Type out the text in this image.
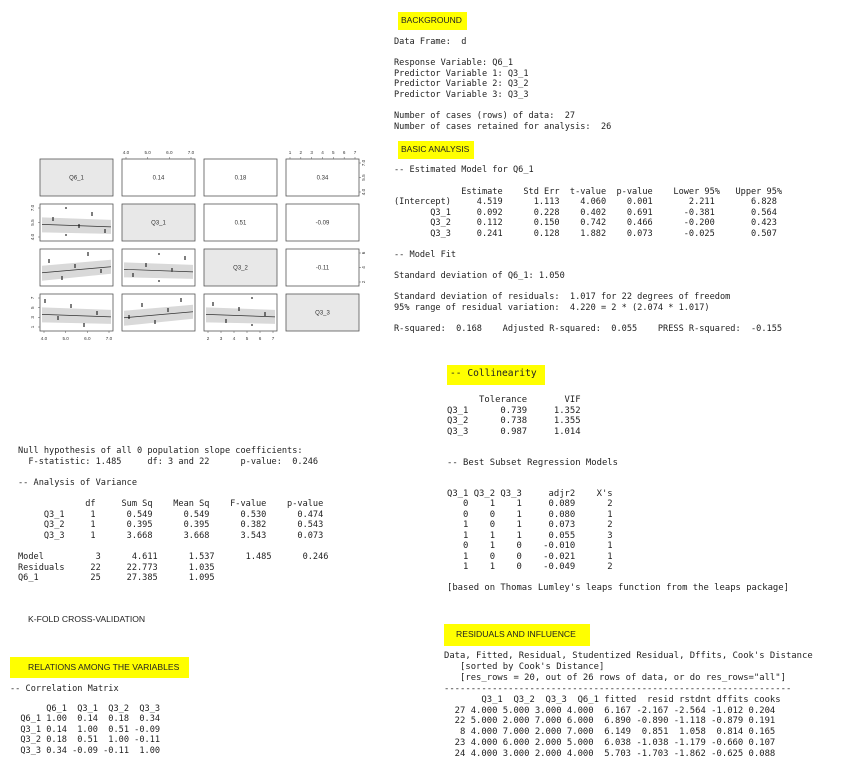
BACKGROUND
Data Frame:  d

Response Variable: Q6_1
Predictor Variable 1: Q3_1
Predictor Variable 2: Q3_2
Predictor Variable 3: Q3_3

Number of cases (rows) of data:  27
Number of cases retained for analysis:  26
BASIC ANALYSIS
-- Estimated Model for Q6_1

Estimate    Std Err  t-value  p-value    Lower 95%   Upper 95%
(Intercept)     4.519      1.113    4.060    0.001       2.211       6.828
Q3_1     0.092      0.228    0.402    0.691      -0.381       0.564
Q3_2     0.112      0.150    0.742    0.466      -0.200       0.423
Q3_3     0.241      0.128    1.882    0.073      -0.025       0.507

-- Model Fit

Standard deviation of Q6_1: 1.050

Standard deviation of residuals:  1.017 for 22 degrees of freedom
95% range of residual variation:  4.220 = 2 * (2.074 * 1.017)

R-squared:  0.168    Adjusted R-squared:  0.055    PRESS R-squared:  -0.155
Q6_1	0.14	0.18	0.34
Q3_1	0.51	-0.09
Q3_2	-0.11
Q3_3
4.0	5.0	6.0	7.0	1 2 3 4 5 6 7
4.0	5.0	6.0	7.0	2 3 4 5 6 7
4.0
5.5
7.0
2
4
6
4.0
5.5
7.0
1
3
5
7
Null hypothesis of all 0 population slope coefficients:
F-statistic: 1.485     df: 3 and 22      p-value:  0.246

-- Analysis of Variance

df     Sum Sq    Mean Sq    F-value    p-value
Q3_1     1      0.549      0.549      0.530      0.474
Q3_2     1      0.395      0.395      0.382      0.543
Q3_3     1      3.668      3.668      3.543      0.073

Model          3      4.611      1.537      1.485      0.246
Residuals     22     22.773      1.035
Q6_1          25     27.385      1.095
K-FOLD CROSS-VALIDATION
RELATIONS AMONG THE VARIABLES
-- Correlation Matrix
Q6_1  Q3_1  Q3_2  Q3_3
Q6_1 1.00  0.14  0.18  0.34
Q3_1 0.14  1.00  0.51 -0.09
Q3_2 0.18  0.51  1.00 -0.11
Q3_3 0.34 -0.09 -0.11  1.00
-- Collinearity

Tolerance       VIF
Q3_1      0.739     1.352
Q3_2      0.738     1.355
Q3_3      0.987     1.014

-- Best Subset Regression Models

Q3_1 Q3_2 Q3_3     adjr2    X's
0    1    1     0.089      2
0    0    1     0.080      1
1    0    1     0.073      2
1    1    1     0.055      3
0    1    0    -0.010      1
1    0    0    -0.021      1
1    1    0    -0.049      2

[based on Thomas Lumley's leaps function from the leaps package]
RESIDUALS AND INFLUENCE
Data, Fitted, Residual, Studentized Residual, Dffits, Cook's Distance
[sorted by Cook's Distance]
[res_rows = 20, out of 26 rows of data, or do res_rows="all"]
-----------------------------------------------------------------
Q3_1  Q3_2  Q3_3  Q6_1 fitted  resid rstdnt dffits cooks
27 4.000 5.000 3.000 4.000  6.167 -2.167 -2.564 -1.012 0.204
22 5.000 2.000 7.000 6.000  6.890 -0.890 -1.118 -0.879 0.191
8 4.000 7.000 2.000 7.000  6.149  0.851  1.058  0.814 0.165
23 4.000 6.000 2.000 5.000  6.038 -1.038 -1.179 -0.660 0.107
24 4.000 3.000 2.000 4.000  5.703 -1.703 -1.862 -0.625 0.088
